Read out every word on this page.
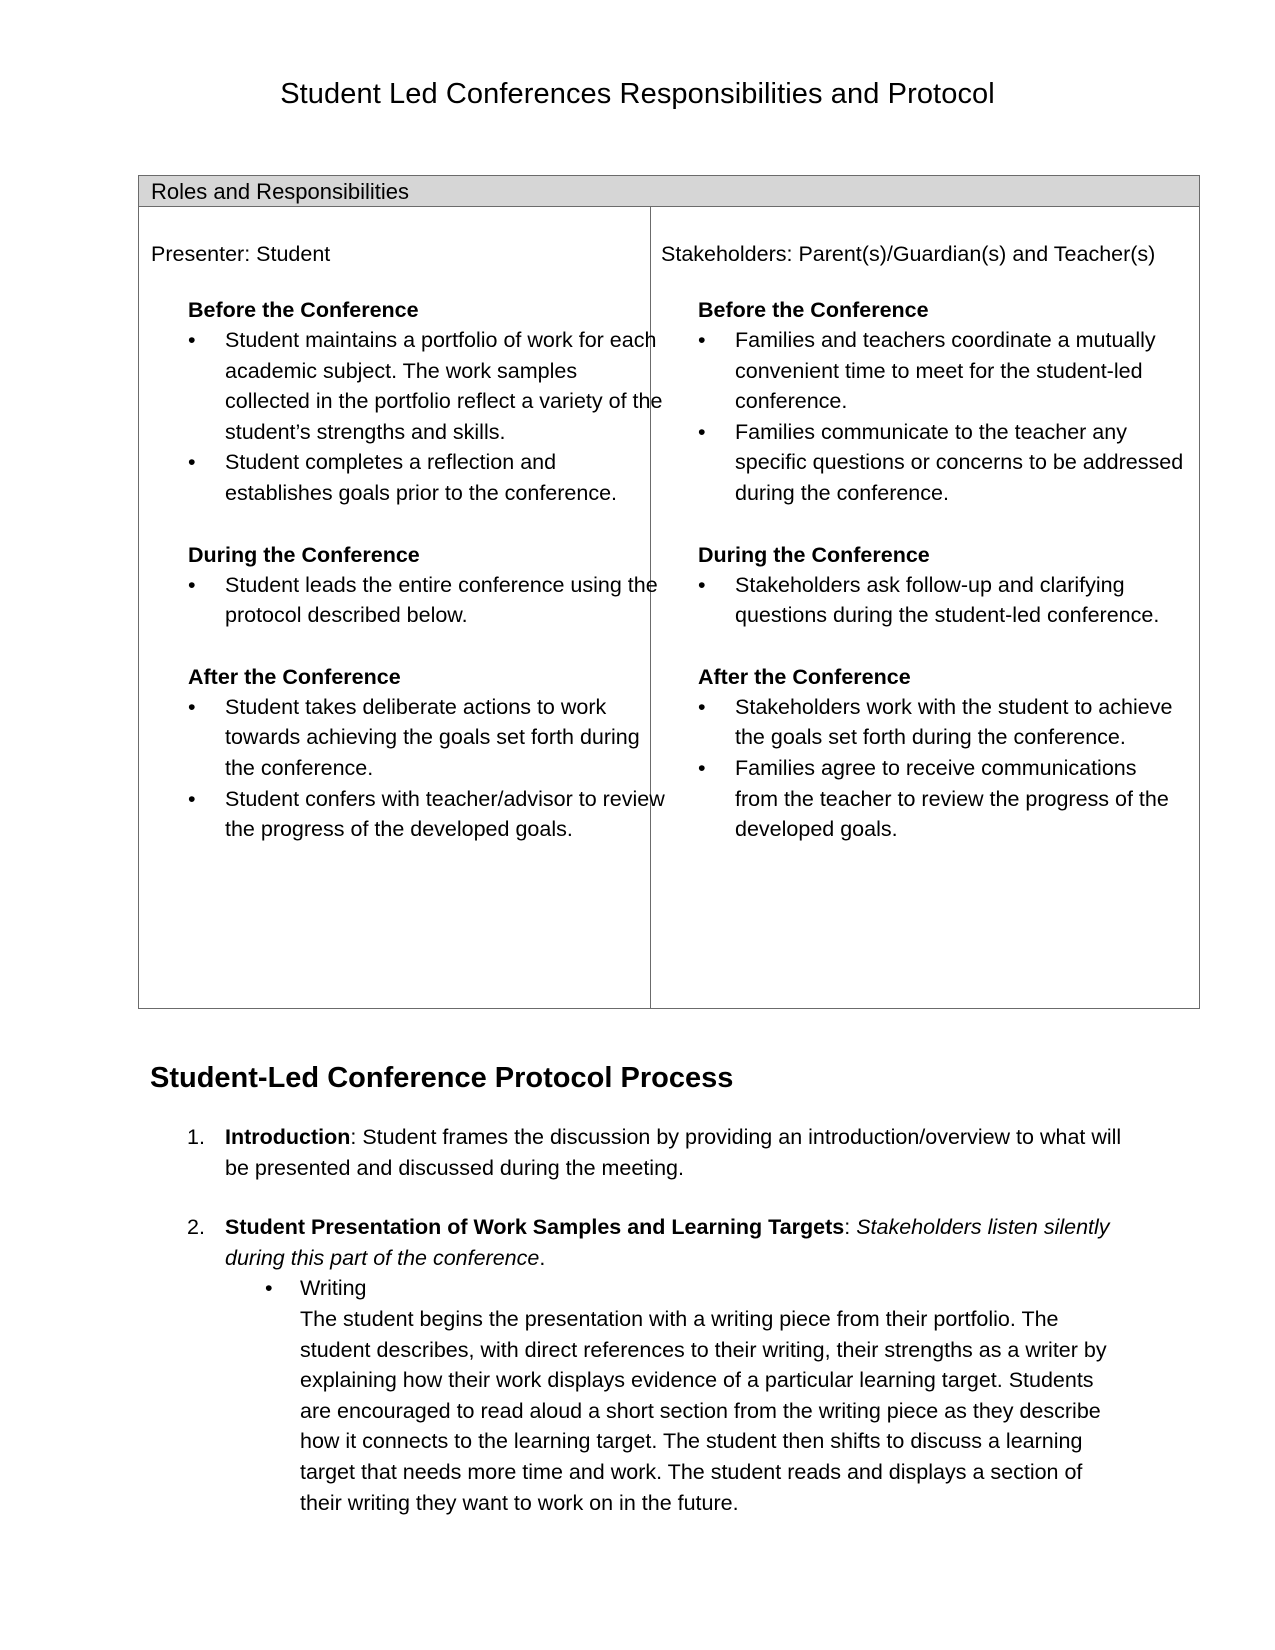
Student Led Conferences Responsibilities and Protocol
Roles and Responsibilities
Presenter: Student

Before the Conference

• Student maintains a portfolio of work for each academic subject. The work samples collected in the portfolio reflect a variety of the student’s strengths and skills.
• Student completes a reflection and establishes goals prior to the conference.

During the Conference

• Student leads the entire conference using the protocol described below.

After the Conference

• Student takes deliberate actions to work towards achieving the goals set forth during the conference.
• Student confers with teacher/advisor to review the progress of the developed goals.
Stakeholders: Parent(s)/Guardian(s) and Teacher(s)

Before the Conference

• Families and teachers coordinate a mutually convenient time to meet for the student-led conference.
• Families communicate to the teacher any specific questions or concerns to be addressed during the conference.

During the Conference

• Stakeholders ask follow-up and clarifying questions during the student-led conference.

After the Conference

• Stakeholders work with the student to achieve the goals set forth during the conference.
• Families agree to receive communications from the teacher to review the progress of the developed goals.
Student-Led Conference Protocol Process
1. Introduction: Student frames the discussion by providing an introduction/overview to what will be presented and discussed during the meeting.
2. Student Presentation of Work Samples and Learning Targets: Stakeholders listen silently during this part of the conference.
• Writing
The student begins the presentation with a writing piece from their portfolio. The student describes, with direct references to their writing, their strengths as a writer by explaining how their work displays evidence of a particular learning target. Students are encouraged to read aloud a short section from the writing piece as they describe how it connects to the learning target. The student then shifts to discuss a learning target that needs more time and work. The student reads and displays a section of their writing they want to work on in the future.
